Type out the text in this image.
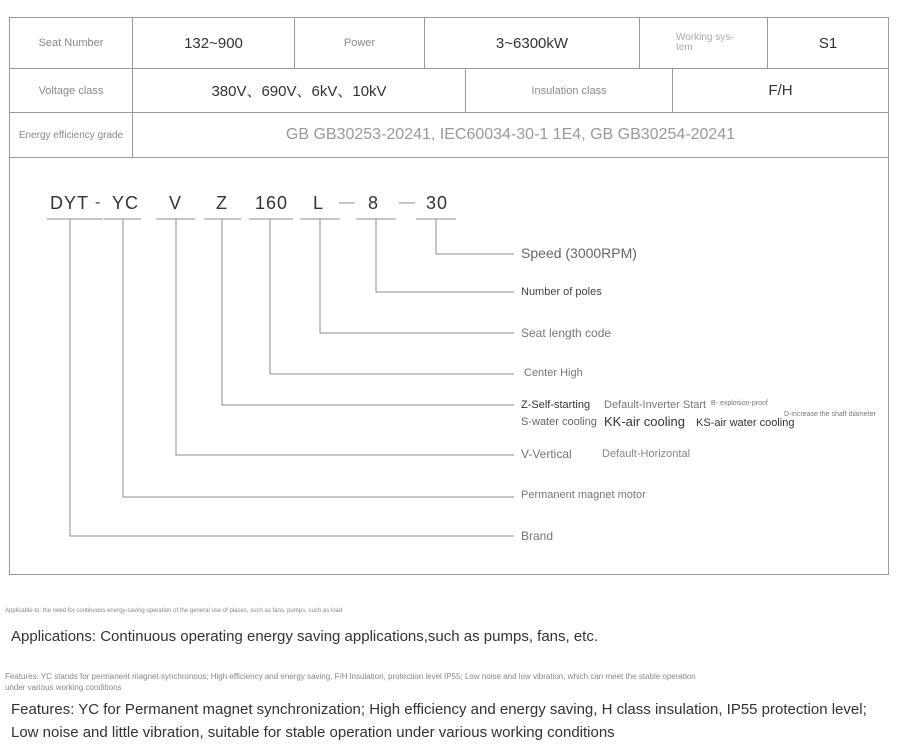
Seat Number	132~900	Power	3~6300kW	Working sys-
tem	S1
Voltage class	380V、690V、6kV、10kV	Insulation class	F/H
Energy efficiency grade	GB GB30253-20241, IEC60034-30-1 1E4, GB GB30254-20241
DYT - YC V Z 160 L — 8 — 30
Speed (3000RPM)
Number of poles
Seat length code
Center High
Z-Self-starting Default-Inverter Start B- explosion-proof
D-increase the shaft diameter
S-water cooling KK-air cooling KS-air water cooling
V-Vertical	Default-Horizontal
Permanent magnet motor
Brand
Applicable to: the need for continuous energy-saving operation of the general use of places, such as fans, pumps, such as load
Applications: Continuous operating energy saving applications,such as pumps, fans, etc.
Features: YC stands for permanent magnet synchronous; High efficiency and energy saving, F/H insulation, protection level IP55; Low noise and low vibration, which can meet the stable operation
under various working conditions
Features: YC for Permanent magnet synchronization; High efficiency and energy saving, H class insulation, IP55 protection level;
Low noise and little vibration, suitable for stable operation under various working conditions
